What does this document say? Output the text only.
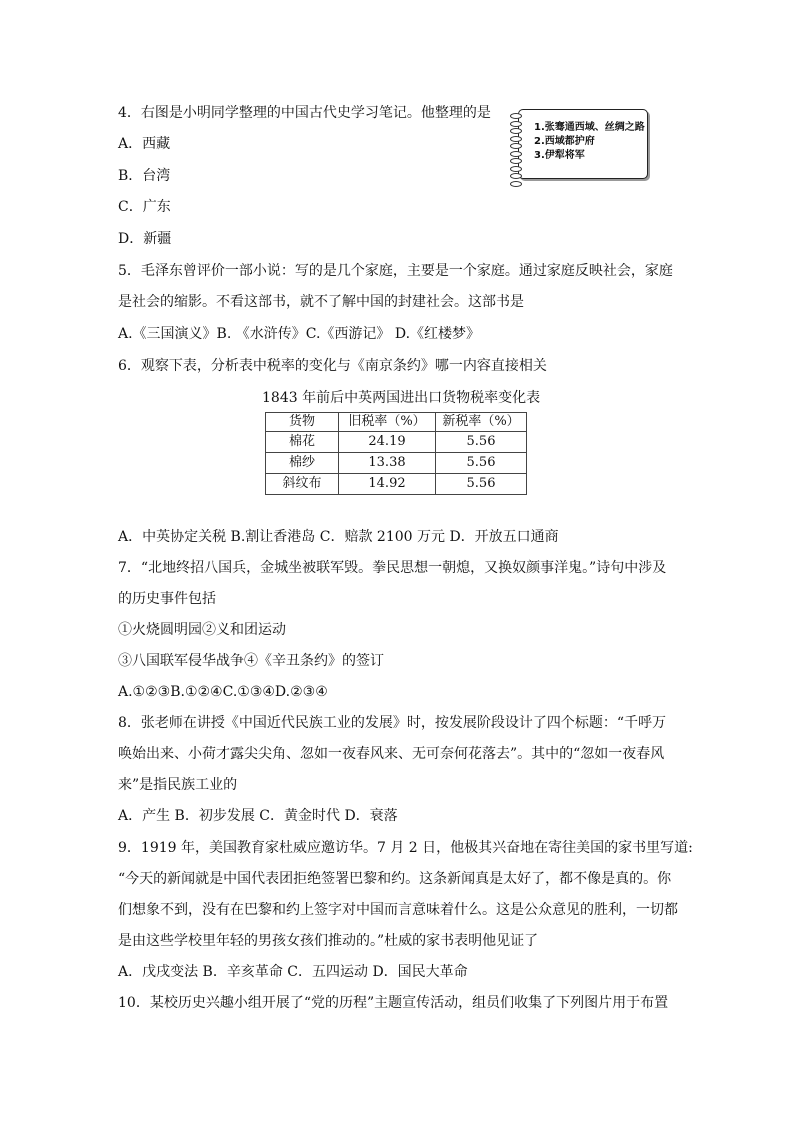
4．右图是小明同学整理的中国古代史学习笔记。他整理的是
A．西藏
B．台湾
C．广东
D．新疆
1.张骞通西域、丝绸之路
2.西域都护府
3.伊犁将军
5．毛泽东曾评价一部小说：写的是几个家庭，主要是一个家庭。通过家庭反映社会，家庭
是社会的缩影。不看这部书，就不了解中国的封建社会。这部书是
A.《三国演义》B. 《水浒传》C.《西游记》 D.《红楼梦》
6．观察下表，分析表中税率的变化与《南京条约》哪一内容直接相关
1843 年前后中英两国进出口货物税率变化表
货物	旧税率（%）	新税率（%）
棉花	24.19	5.56
棉纱	13.38	5.56
斜纹布	14.92	5.56
A．中英协定关税 B.割让香港岛 C．赔款 2100 万元 D．开放五口通商
7．“北地终招八国兵，金城坐被联军毁。拳民思想一朝熄，又换奴颜事洋鬼。”诗句中涉及
的历史事件包括
①火烧圆明园②义和团运动
③八国联军侵华战争④《辛丑条约》的签订
A.①②③B.①②④C.①③④D.②③④
8．张老师在讲授《中国近代民族工业的发展》时，按发展阶段设计了四个标题：“千呼万
唤始出来、小荷才露尖尖角、忽如一夜春风来、无可奈何花落去”。其中的“忽如一夜春风
来”是指民族工业的
A．产生 B．初步发展 C．黄金时代 D．衰落
9．1919 年，美国教育家杜威应邀访华。7 月 2 日，他极其兴奋地在寄往美国的家书里写道:
“今天的新闻就是中国代表团拒绝签署巴黎和约。这条新闻真是太好了，都不像是真的。你
们想象不到，没有在巴黎和约上签字对中国而言意味着什么。这是公众意见的胜利，一切都
是由这些学校里年轻的男孩女孩们推动的。”杜威的家书表明他见证了
A．戊戌变法 B．辛亥革命 C．五四运动 D．国民大革命
10．某校历史兴趣小组开展了“党的历程”主题宣传活动，组员们收集了下列图片用于布置
